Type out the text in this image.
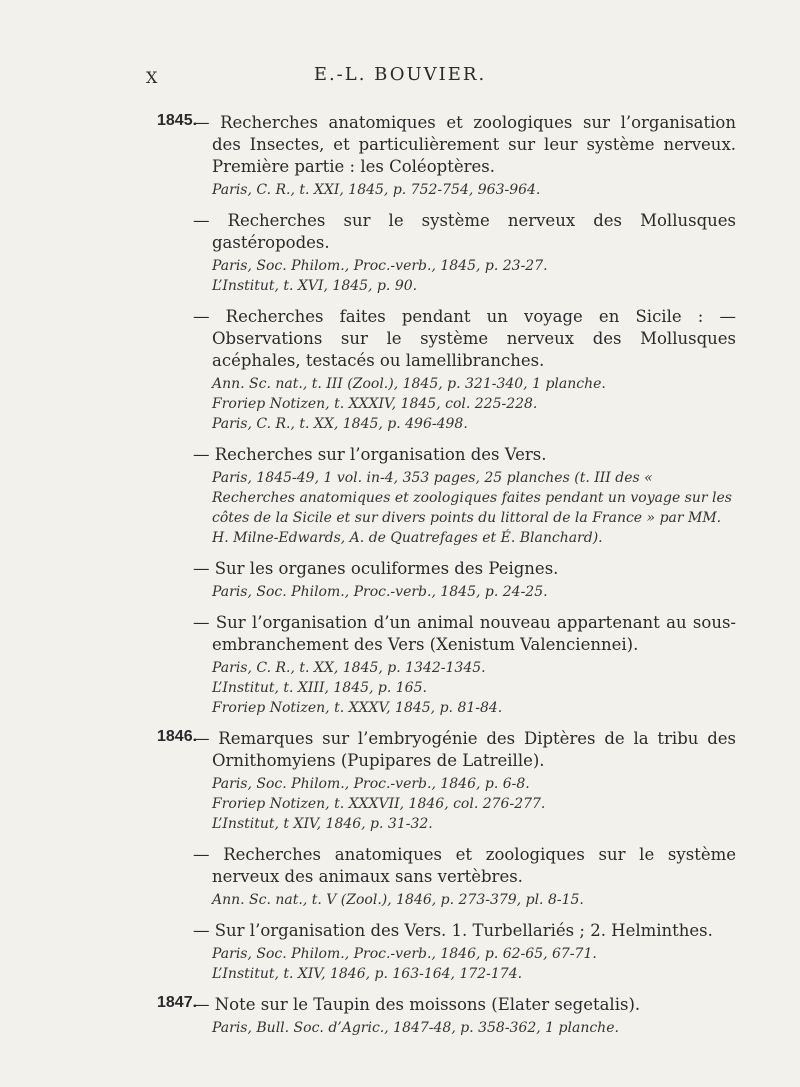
X	E.-L. BOUVIER.
1845.

— Recherches anatomiques et zoologiques sur l’organisation des Insectes, et particulièrement sur leur système nerveux. Première partie : les Coléoptères.

Paris, C. R., t. XXI, 1845, p. 752-754, 963-964.

— Recherches sur le système nerveux des Mollusques gastéropodes.

Paris, Soc. Philom., Proc.-verb., 1845, p. 23-27.

L’Institut, t. XVI, 1845, p. 90.

— Recherches faites pendant un voyage en Sicile : — Observations sur le système nerveux des Mollusques acéphales, testacés ou lamellibranches.

Ann. Sc. nat., t. III (Zool.), 1845, p. 321-340, 1 planche.

Froriep Notizen, t. XXXIV, 1845, col. 225-228.

Paris, C. R., t. XX, 1845, p. 496-498.

— Recherches sur l’organisation des Vers.

Paris, 1845-49, 1 vol. in-4, 353 pages, 25 planches (t. III des « Recherches anatomiques et zoologiques faites pendant un voyage sur les côtes de la Sicile et sur divers points du littoral de la France » par MM. H. Milne-Edwards, A. de Quatrefages et É. Blanchard).

— Sur les organes oculiformes des Peignes.

Paris, Soc. Philom., Proc.-verb., 1845, p. 24-25.

— Sur l’organisation d’un animal nouveau appartenant au sous-embranchement des Vers (Xenistum Valenciennei).

Paris, C. R., t. XX, 1845, p. 1342-1345.

L’Institut, t. XIII, 1845, p. 165.

Froriep Notizen, t. XXXV, 1845, p. 81-84.

1846.

— Remarques sur l’embryogénie des Diptères de la tribu des Ornithomyiens (Pupipares de Latreille).

Paris, Soc. Philom., Proc.-verb., 1846, p. 6-8.

Froriep Notizen, t. XXXVII, 1846, col. 276-277.

L’Institut, t XIV, 1846, p. 31-32.

— Recherches anatomiques et zoologiques sur le système nerveux des animaux sans vertèbres.

Ann. Sc. nat., t. V (Zool.), 1846, p. 273-379, pl. 8-15.

— Sur l’organisation des Vers. 1. Turbellariés ; 2. Helminthes.

Paris, Soc. Philom., Proc.-verb., 1846, p. 62-65, 67-71.

L’Institut, t. XIV, 1846, p. 163-164, 172-174.

1847.

— Note sur le Taupin des moissons (Elater segetalis).

Paris, Bull. Soc. d’Agric., 1847-48, p. 358-362, 1 planche.
